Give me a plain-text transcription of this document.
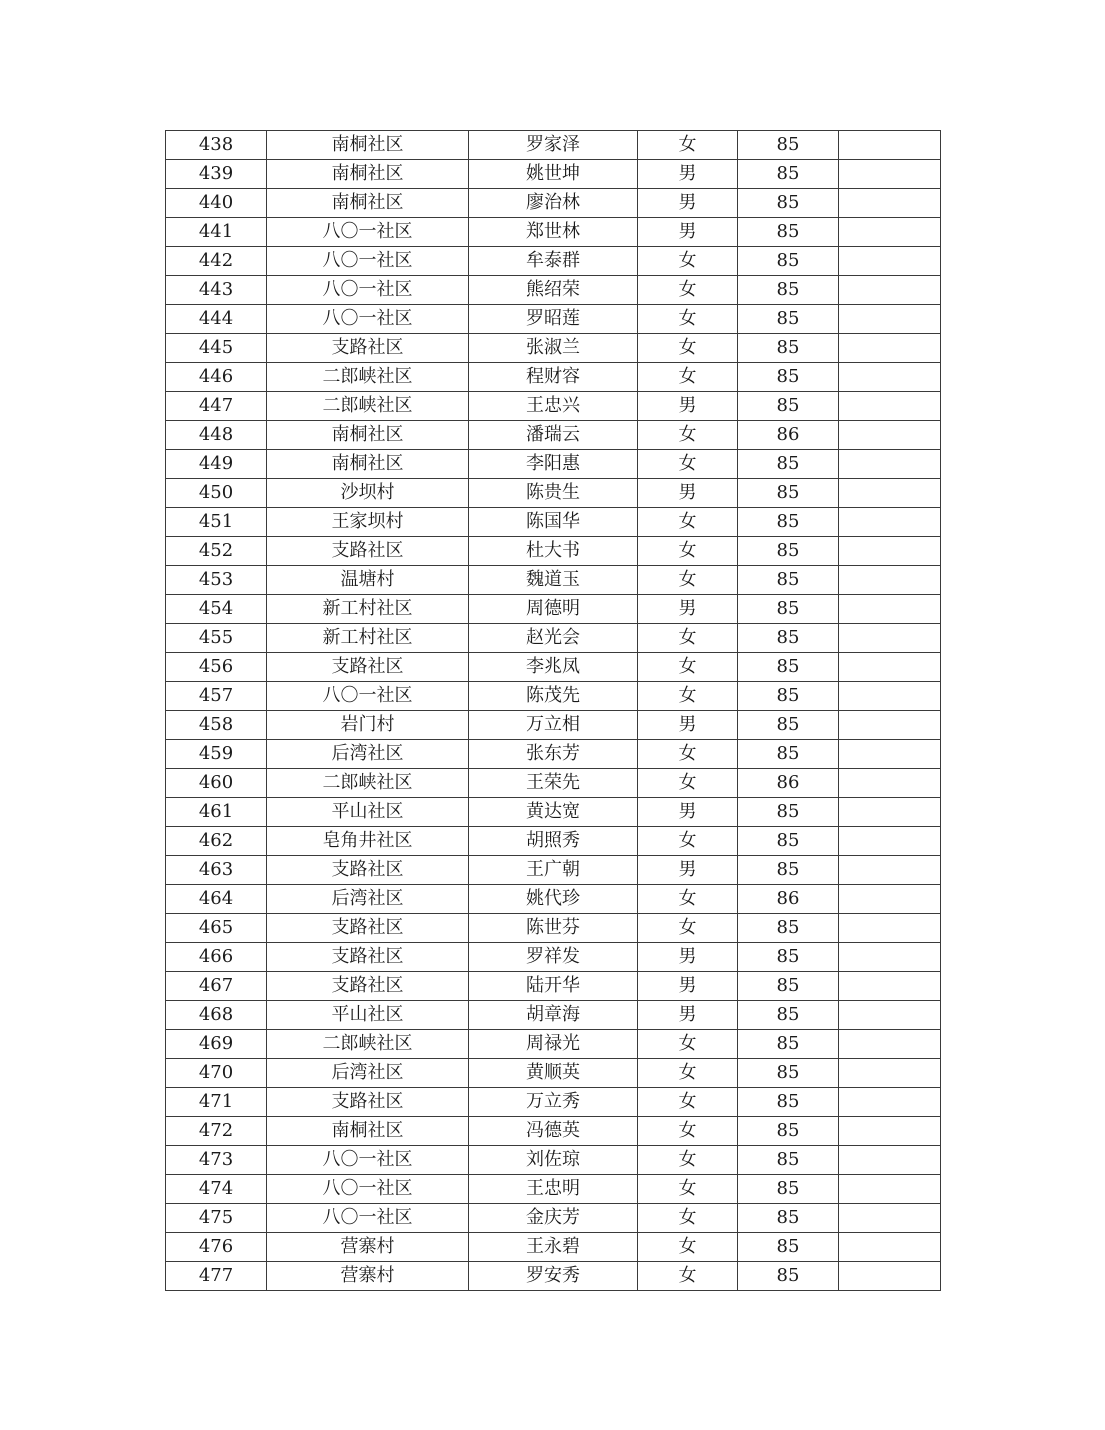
438	南桐社区	罗家泽	女	85	
439	南桐社区	姚世坤	男	85	
440	南桐社区	廖治林	男	85	
441	八〇一社区	郑世林	男	85	
442	八〇一社区	牟泰群	女	85	
443	八〇一社区	熊绍荣	女	85	
444	八〇一社区	罗昭莲	女	85	
445	支路社区	张淑兰	女	85	
446	二郎峡社区	程财容	女	85	
447	二郎峡社区	王忠兴	男	85	
448	南桐社区	潘瑞云	女	86	
449	南桐社区	李阳惠	女	85	
450	沙坝村	陈贵生	男	85	
451	王家坝村	陈国华	女	85	
452	支路社区	杜大书	女	85	
453	温塘村	魏道玉	女	85	
454	新工村社区	周德明	男	85	
455	新工村社区	赵光会	女	85	
456	支路社区	李兆凤	女	85	
457	八〇一社区	陈茂先	女	85	
458	岩门村	万立相	男	85	
459	后湾社区	张东芳	女	85	
460	二郎峡社区	王荣先	女	86	
461	平山社区	黄达宽	男	85	
462	皂角井社区	胡照秀	女	85	
463	支路社区	王广朝	男	85	
464	后湾社区	姚代珍	女	86	
465	支路社区	陈世芬	女	85	
466	支路社区	罗祥发	男	85	
467	支路社区	陆开华	男	85	
468	平山社区	胡章海	男	85	
469	二郎峡社区	周禄光	女	85	
470	后湾社区	黄顺英	女	85	
471	支路社区	万立秀	女	85	
472	南桐社区	冯德英	女	85	
473	八〇一社区	刘佐琼	女	85	
474	八〇一社区	王忠明	女	85	
475	八〇一社区	金庆芳	女	85	
476	营寨村	王永碧	女	85	
477	营寨村	罗安秀	女	85	
